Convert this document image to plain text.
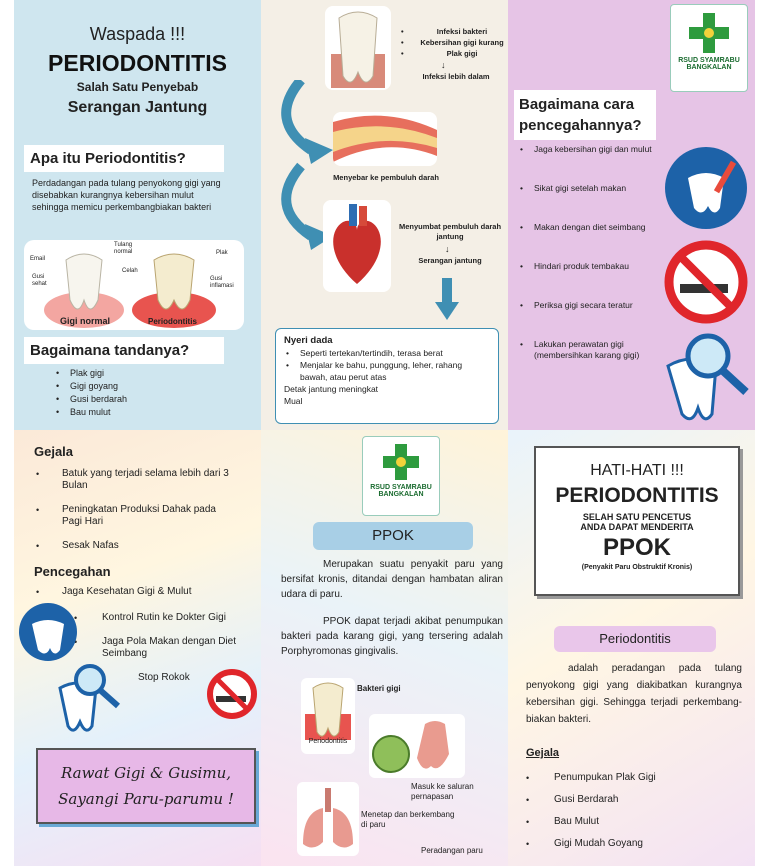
Waspada !!!
PERIODONTITIS
Salah Satu Penyebab
Serangan Jantung
Apa itu Periodontitis?
Perdadangan pada tulang penyokong gigi yang disebabkan kurangnya kebersihan mulut sehingga memicu perkembangbiakan bakteri
Email
Tulang normal	Plak
Gusi sehat
Celah
Gusi inflamasi
Gigi normal	Periodontitis
Bagaimana tandanya?
• Plak gigi
• Gigi goyang
• Gusi berdarah
• Bau mulut
• Infeksi bakteri
• Kebersihan gigi kurang
• Plak gigi
↓
Infeksi lebih dalam
Menyebar ke pembuluh darah
Menyumbat pembuluh darah jantung
↓
Serangan jantung
Nyeri dada
• Seperti tertekan/tertindih, terasa berat
• Menjalar ke bahu, punggung, leher, rahang bawah, atau perut atas
Detak jantung meningkat
Mual
RSUD SYAMRABU
BANGKALAN
Bagaimana cara pencegahannya?
• Jaga kebersihan gigi dan mulut
• Sikat gigi setelah makan
• Makan dengan diet seimbang
• Hindari produk tembakau
• Periksa gigi secara teratur
• Lakukan perawatan gigi (membersihkan karang gigi)
Gejala
• Batuk yang terjadi selama lebih dari 3 Bulan
• Peningkatan Produksi Dahak pada Pagi Hari
• Sesak Nafas
Pencegahan
• Jaga Kesehatan Gigi & Mulut
• Kontrol Rutin ke Dokter Gigi
• Jaga Pola Makan dengan Diet Seimbang
• Stop Rokok
Rawat Gigi & Gusimu,
Sayangi Paru-parumu !
RSUD SYAMRABU
BANGKALAN
PPOK
Merupakan suatu penyakit paru yang bersifat kronis, ditandai dengan hambatan aliran udara di paru.
PPOK dapat terjadi akibat penumpukan bakteri pada karang gigi, yang tersering adalah Porphyromonas gingivalis.
Periodontitis
Bakteri gigi
Masuk ke saluran pernapasan
Menetap dan berkembang di paru
Peradangan paru
HATI-HATI !!!
PERIODONTITIS
SELAH SATU PENCETUS
ANDA DAPAT MENDERITA
PPOK
(Penyakit Paru Obstruktif Kronis)
Periodontitis
adalah peradangan pada tulang penyokong gigi yang diakibatkan kurangnya kebersihan gigi. Sehingga terjadi perkembang- biakan bakteri.
Gejala
• Penumpukan Plak Gigi
• Gusi Berdarah
• Bau Mulut
• Gigi Mudah Goyang
